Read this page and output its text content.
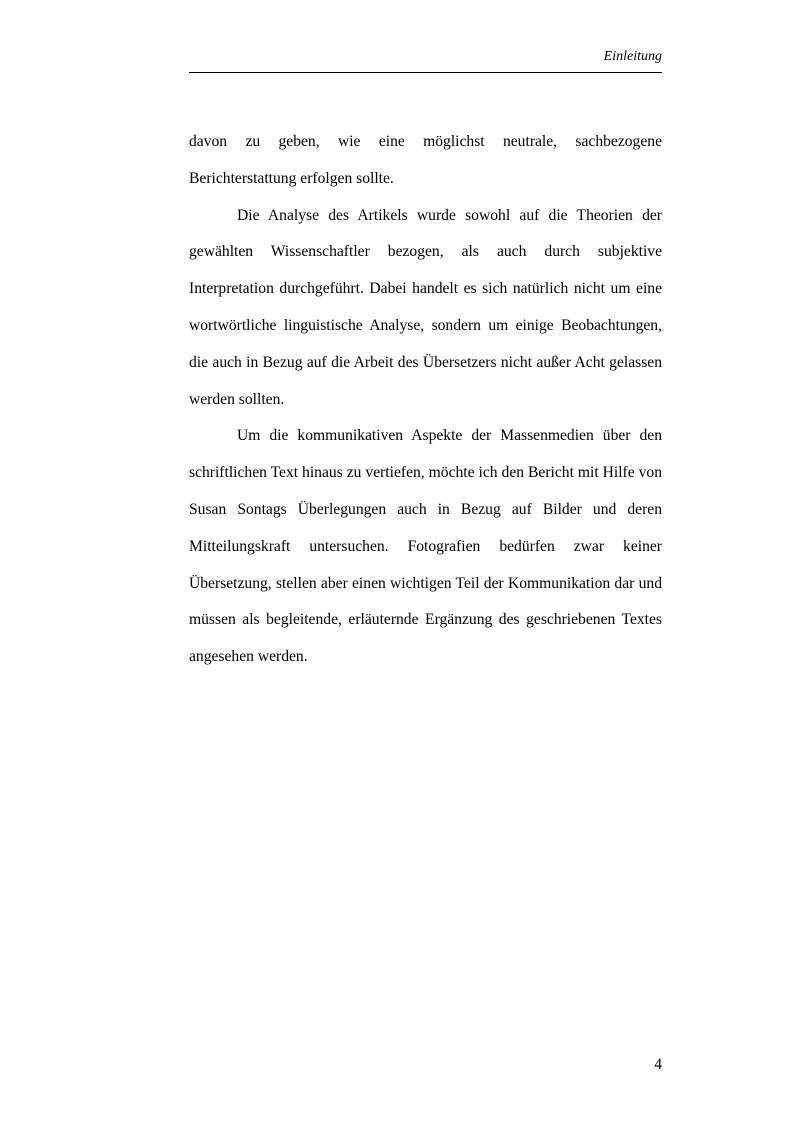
Einleitung

davon zu geben, wie eine möglichst neutrale, sachbezogene Berichterstattung erfolgen sollte.

Die Analyse des Artikels wurde sowohl auf die Theorien der gewählten Wissenschaftler bezogen, als auch durch subjektive Interpretation durchgeführt. Dabei handelt es sich natürlich nicht um eine wortwörtliche linguistische Analyse, sondern um einige Beobachtungen, die auch in Bezug auf die Arbeit des Übersetzers nicht außer Acht gelassen werden sollten.

Um die kommunikativen Aspekte der Massenmedien über den schriftlichen Text hinaus zu vertiefen, möchte ich den Bericht mit Hilfe von Susan Sontags Überlegungen auch in Bezug auf Bilder und deren Mitteilungskraft untersuchen. Fotografien bedürfen zwar keiner Übersetzung, stellen aber einen wichtigen Teil der Kommunikation dar und müssen als begleitende, erläuternde Ergänzung des geschriebenen Textes angesehen werden.

4
